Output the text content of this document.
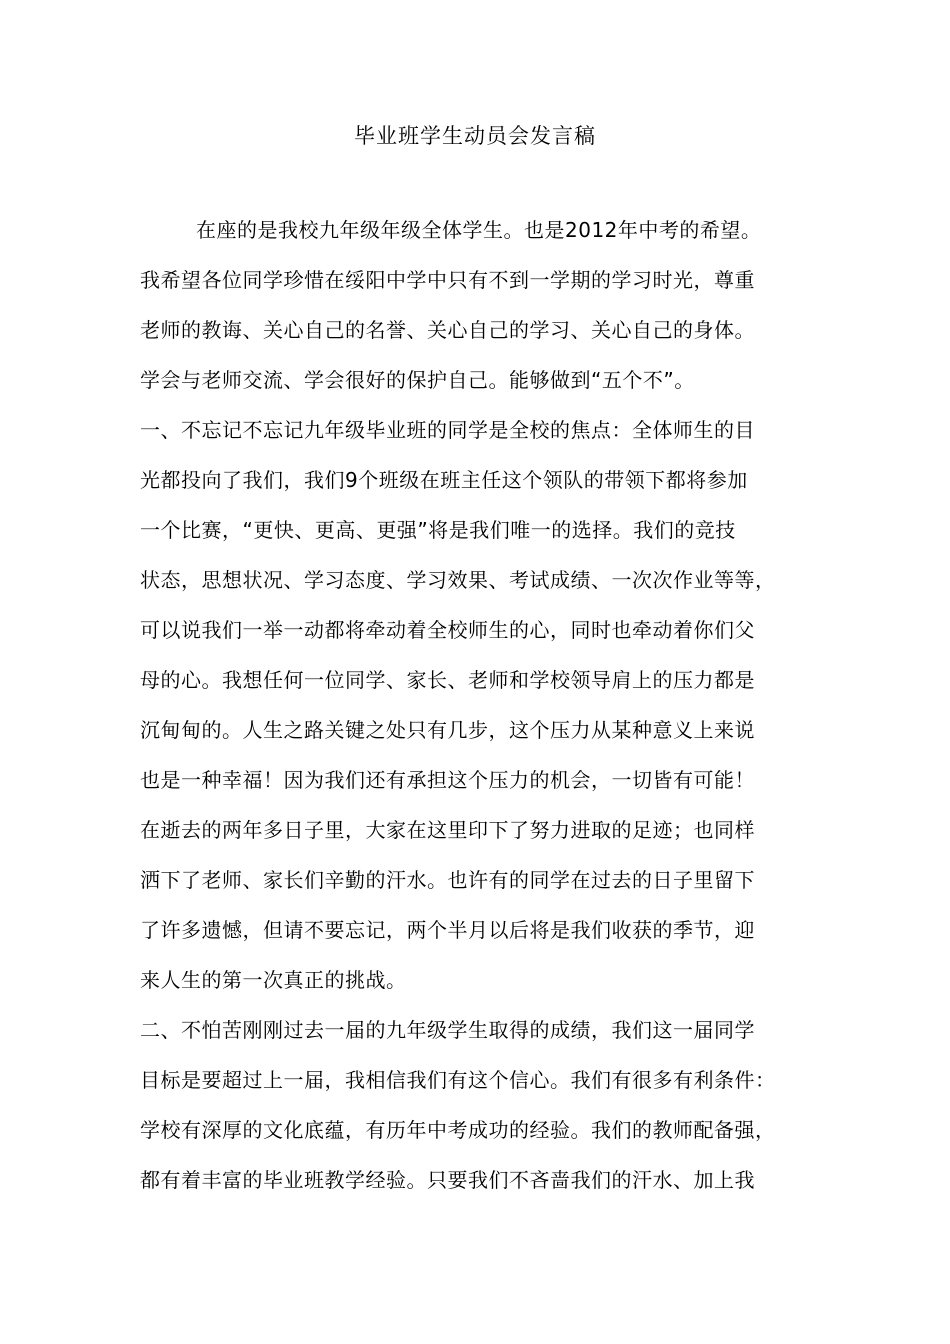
毕业班学生动员会发言稿
在座的是我校九年级年级全体学生。也是2012年中考的希望。
我希望各位同学珍惜在绥阳中学中只有不到一学期的学习时光，尊重
老师的教诲、关心自己的名誉、关心自己的学习、关心自己的身体。
学会与老师交流、学会很好的保护自己。能够做到“五个不”。
一、不忘记不忘记九年级毕业班的同学是全校的焦点：全体师生的目
光都投向了我们，我们9个班级在班主任这个领队的带领下都将参加
一个比赛，“更快、更高、更强”将是我们唯一的选择。我们的竞技
状态，思想状况、学习态度、学习效果、考试成绩、一次次作业等等，
可以说我们一举一动都将牵动着全校师生的心，同时也牵动着你们父
母的心。我想任何一位同学、家长、老师和学校领导肩上的压力都是
沉甸甸的。人生之路关键之处只有几步，这个压力从某种意义上来说
也是一种幸福！因为我们还有承担这个压力的机会，一切皆有可能！
在逝去的两年多日子里，大家在这里印下了努力进取的足迹；也同样
洒下了老师、家长们辛勤的汗水。也许有的同学在过去的日子里留下
了许多遗憾，但请不要忘记，两个半月以后将是我们收获的季节，迎
来人生的第一次真正的挑战。
二、不怕苦刚刚过去一届的九年级学生取得的成绩，我们这一届同学
目标是要超过上一届，我相信我们有这个信心。我们有很多有利条件：
学校有深厚的文化底蕴，有历年中考成功的经验。我们的教师配备强，
都有着丰富的毕业班教学经验。只要我们不吝啬我们的汗水、加上我
